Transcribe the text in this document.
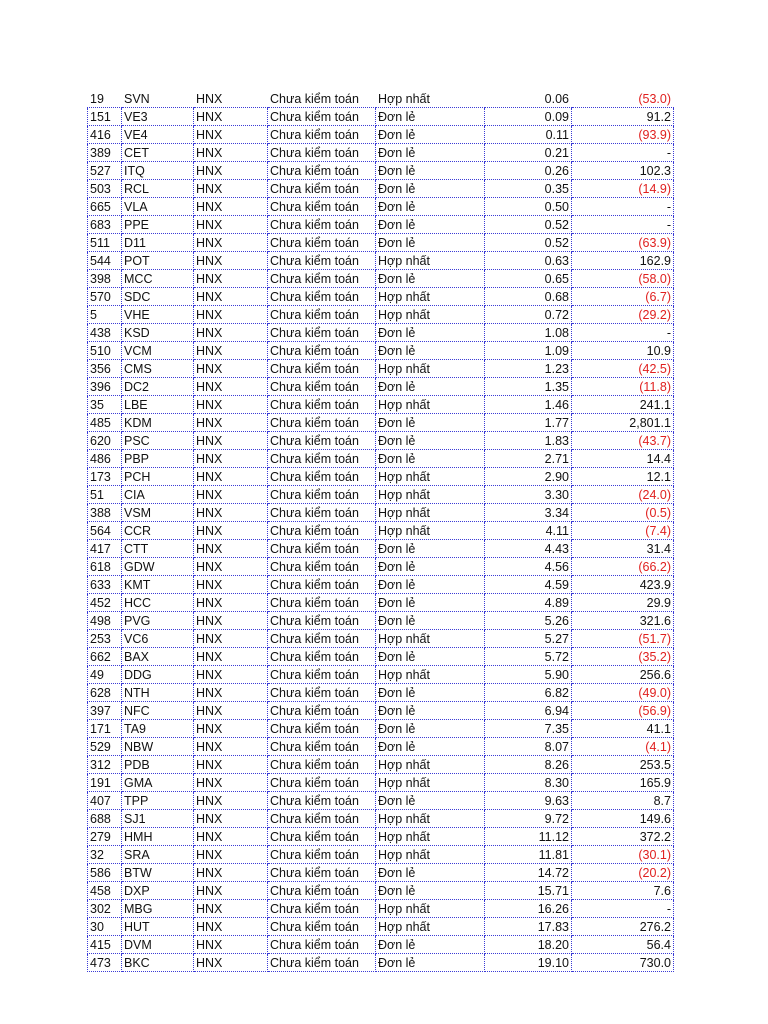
19	SVN	HNX	Chưa kiểm toán	Hợp nhất	0.06	(53.0)
151	VE3	HNX	Chưa kiểm toán	Đơn lẻ	0.09	91.2
416	VE4	HNX	Chưa kiểm toán	Đơn lẻ	0.11	(93.9)
389	CET	HNX	Chưa kiểm toán	Đơn lẻ	0.21	-
527	ITQ	HNX	Chưa kiểm toán	Đơn lẻ	0.26	102.3
503	RCL	HNX	Chưa kiểm toán	Đơn lẻ	0.35	(14.9)
665	VLA	HNX	Chưa kiểm toán	Đơn lẻ	0.50	-
683	PPE	HNX	Chưa kiểm toán	Đơn lẻ	0.52	-
511	D11	HNX	Chưa kiểm toán	Đơn lẻ	0.52	(63.9)
544	POT	HNX	Chưa kiểm toán	Hợp nhất	0.63	162.9
398	MCC	HNX	Chưa kiểm toán	Đơn lẻ	0.65	(58.0)
570	SDC	HNX	Chưa kiểm toán	Hợp nhất	0.68	(6.7)
5	VHE	HNX	Chưa kiểm toán	Hợp nhất	0.72	(29.2)
438	KSD	HNX	Chưa kiểm toán	Đơn lẻ	1.08	-
510	VCM	HNX	Chưa kiểm toán	Đơn lẻ	1.09	10.9
356	CMS	HNX	Chưa kiểm toán	Hợp nhất	1.23	(42.5)
396	DC2	HNX	Chưa kiểm toán	Đơn lẻ	1.35	(11.8)
35	LBE	HNX	Chưa kiểm toán	Hợp nhất	1.46	241.1
485	KDM	HNX	Chưa kiểm toán	Đơn lẻ	1.77	2,801.1
620	PSC	HNX	Chưa kiểm toán	Đơn lẻ	1.83	(43.7)
486	PBP	HNX	Chưa kiểm toán	Đơn lẻ	2.71	14.4
173	PCH	HNX	Chưa kiểm toán	Hợp nhất	2.90	12.1
51	CIA	HNX	Chưa kiểm toán	Hợp nhất	3.30	(24.0)
388	VSM	HNX	Chưa kiểm toán	Hợp nhất	3.34	(0.5)
564	CCR	HNX	Chưa kiểm toán	Hợp nhất	4.11	(7.4)
417	CTT	HNX	Chưa kiểm toán	Đơn lẻ	4.43	31.4
618	GDW	HNX	Chưa kiểm toán	Đơn lẻ	4.56	(66.2)
633	KMT	HNX	Chưa kiểm toán	Đơn lẻ	4.59	423.9
452	HCC	HNX	Chưa kiểm toán	Đơn lẻ	4.89	29.9
498	PVG	HNX	Chưa kiểm toán	Đơn lẻ	5.26	321.6
253	VC6	HNX	Chưa kiểm toán	Hợp nhất	5.27	(51.7)
662	BAX	HNX	Chưa kiểm toán	Đơn lẻ	5.72	(35.2)
49	DDG	HNX	Chưa kiểm toán	Hợp nhất	5.90	256.6
628	NTH	HNX	Chưa kiểm toán	Đơn lẻ	6.82	(49.0)
397	NFC	HNX	Chưa kiểm toán	Đơn lẻ	6.94	(56.9)
171	TA9	HNX	Chưa kiểm toán	Đơn lẻ	7.35	41.1
529	NBW	HNX	Chưa kiểm toán	Đơn lẻ	8.07	(4.1)
312	PDB	HNX	Chưa kiểm toán	Hợp nhất	8.26	253.5
191	GMA	HNX	Chưa kiểm toán	Hợp nhất	8.30	165.9
407	TPP	HNX	Chưa kiểm toán	Đơn lẻ	9.63	8.7
688	SJ1	HNX	Chưa kiểm toán	Hợp nhất	9.72	149.6
279	HMH	HNX	Chưa kiểm toán	Hợp nhất	11.12	372.2
32	SRA	HNX	Chưa kiểm toán	Hợp nhất	11.81	(30.1)
586	BTW	HNX	Chưa kiểm toán	Đơn lẻ	14.72	(20.2)
458	DXP	HNX	Chưa kiểm toán	Đơn lẻ	15.71	7.6
302	MBG	HNX	Chưa kiểm toán	Hợp nhất	16.26	-
30	HUT	HNX	Chưa kiểm toán	Hợp nhất	17.83	276.2
415	DVM	HNX	Chưa kiểm toán	Đơn lẻ	18.20	56.4
473	BKC	HNX	Chưa kiểm toán	Đơn lẻ	19.10	730.0
